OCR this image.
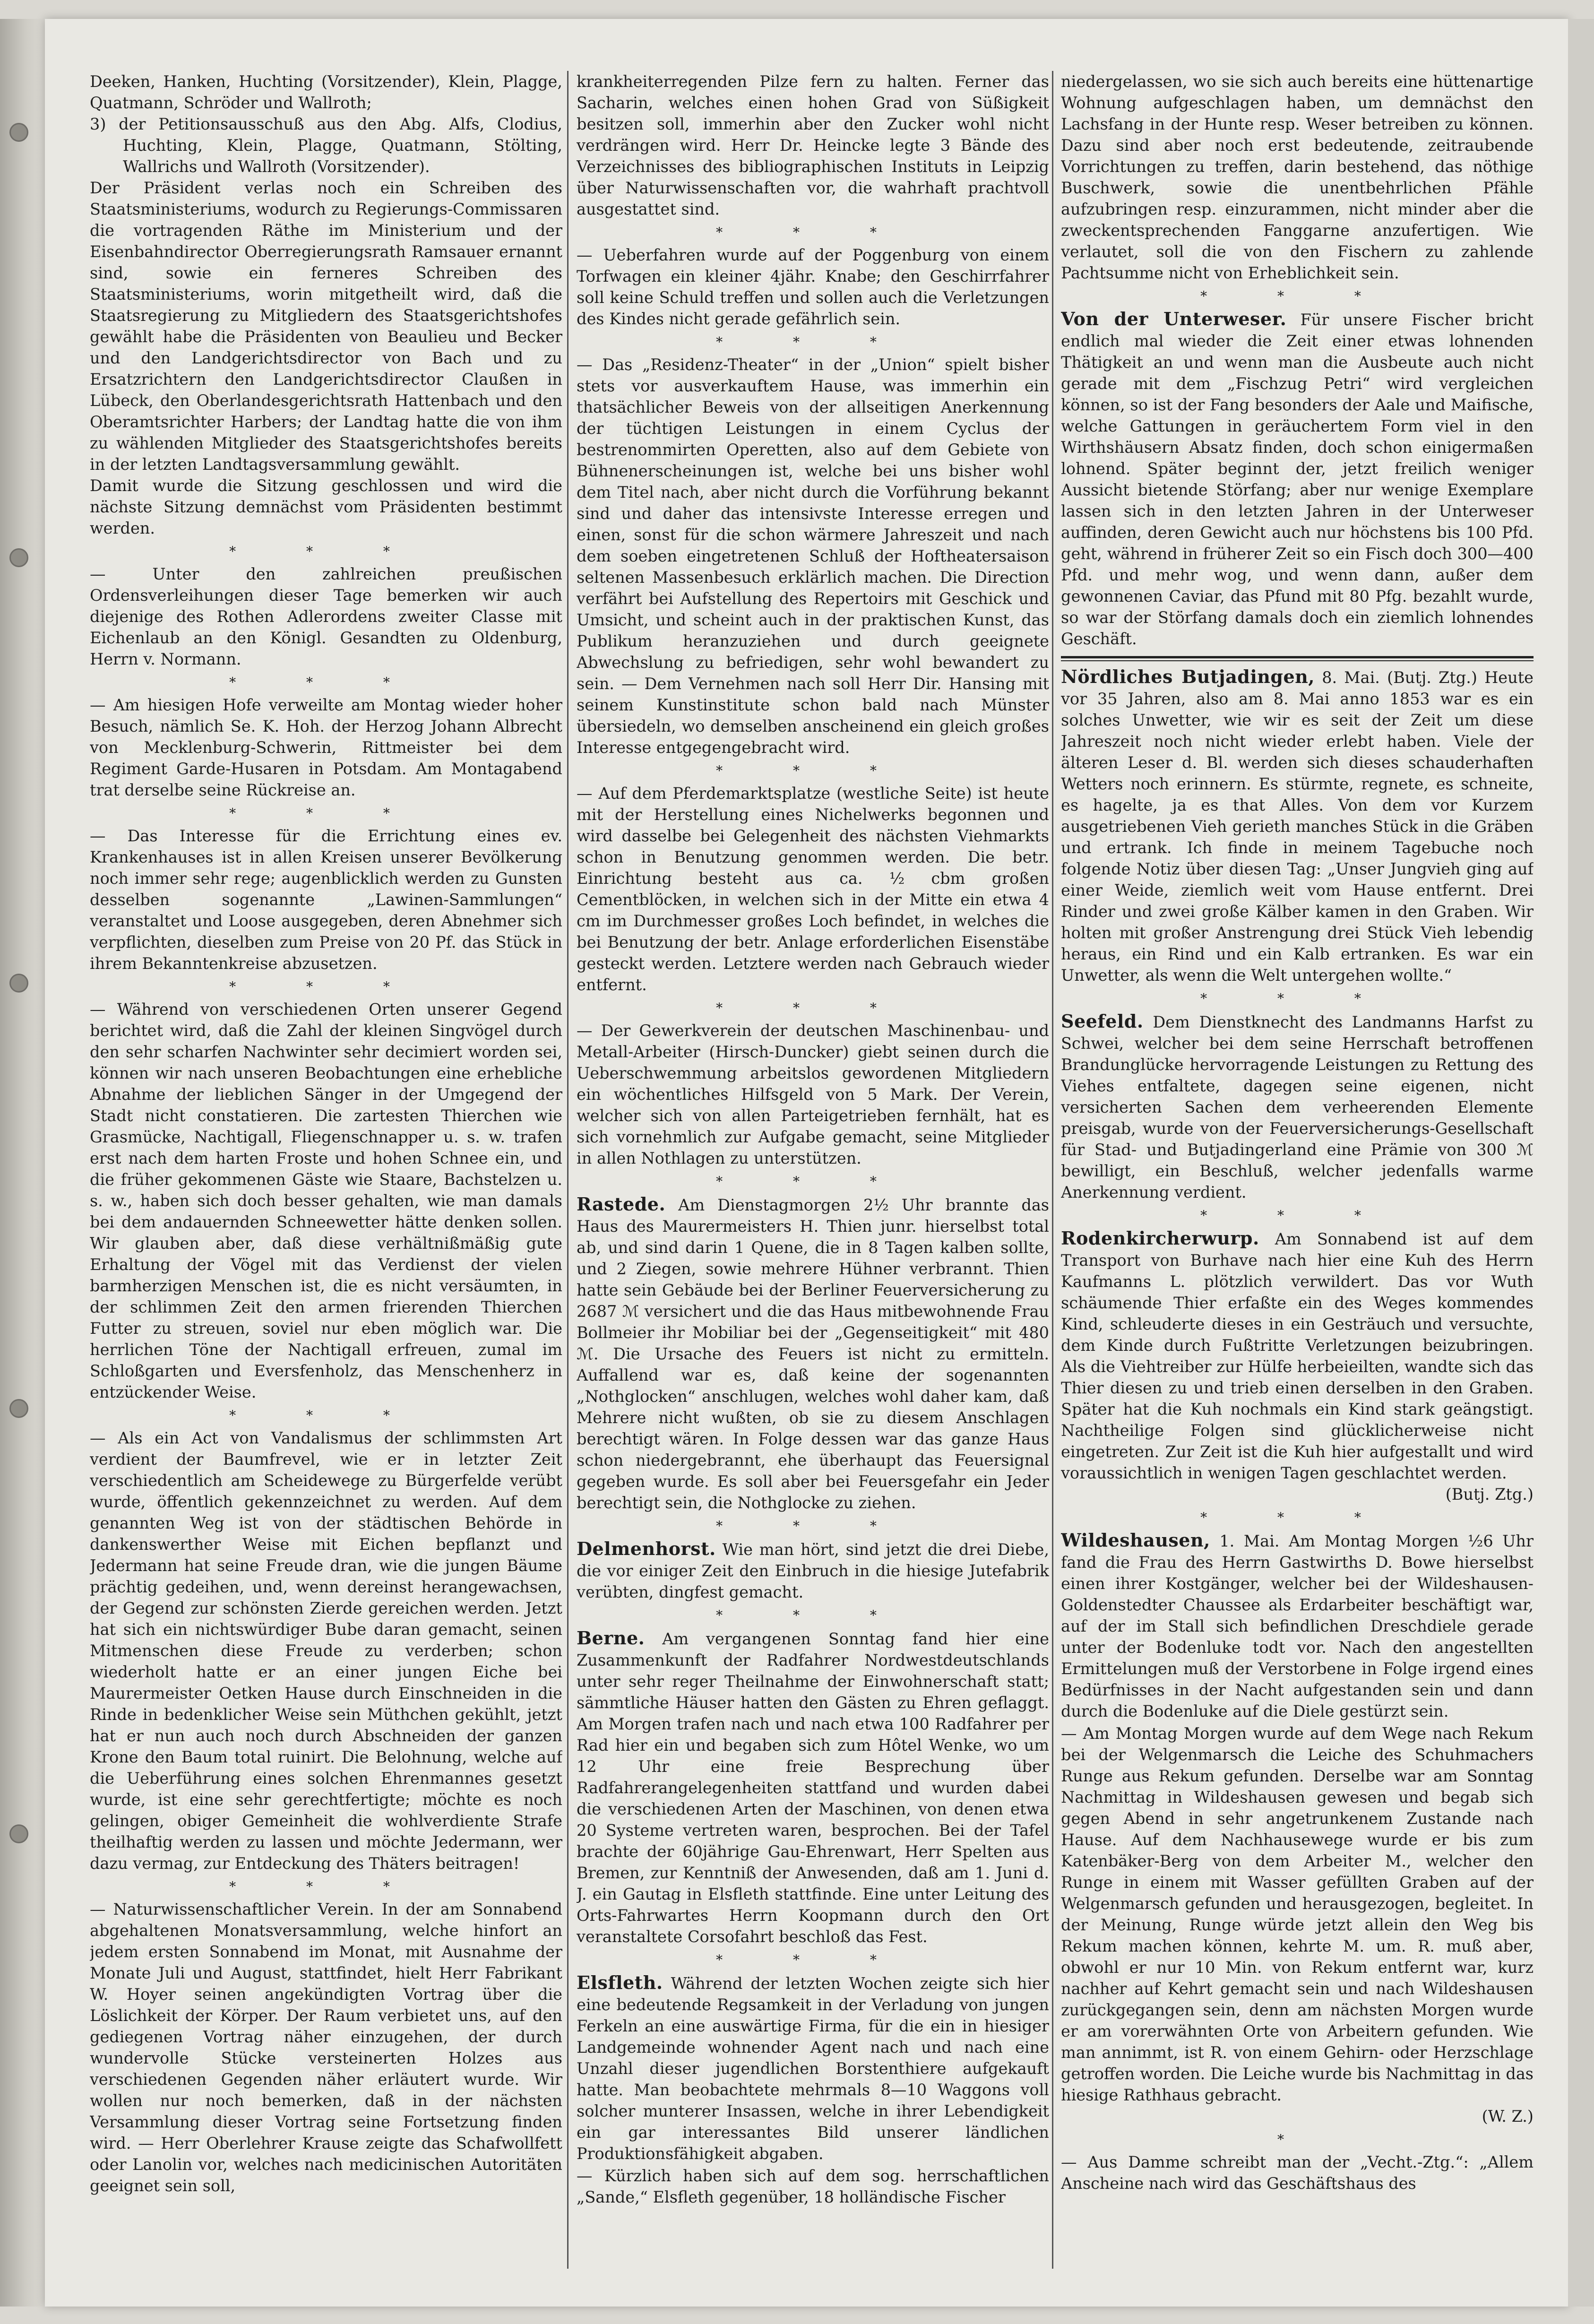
Deeken, Hanken, Huchting (Vorsitzender), Klein, Plagge, Quatmann, Schröder und Wallroth;

3) der Petitionsausschuß aus den Abg. Alfs, Clodius, Huchting, Klein, Plagge, Quatmann, Stölting, Wallrichs und Wallroth (Vorsitzender).

Der Präsident verlas noch ein Schreiben des Staatsministeriums, wodurch zu Regierungs-Commissaren die vortragenden Räthe im Ministerium und der Eisenbahndirector Oberregierungsrath Ramsauer ernannt sind, sowie ein ferneres Schreiben des Staatsministeriums, worin mitgetheilt wird, daß die Staatsregierung zu Mitgliedern des Staatsgerichtshofes gewählt habe die Präsidenten von Beaulieu und Becker und den Landgerichtsdirector von Bach und zu Ersatzrichtern den Landgerichtsdirector Claußen in Lübeck, den Oberlandesgerichtsrath Hattenbach und den Oberamtsrichter Harbers; der Landtag hatte die von ihm zu wählenden Mitglieder des Staatsgerichtshofes bereits in der letzten Landtagsversammlung gewählt.

Damit wurde die Sitzung geschlossen und wird die nächste Sitzung demnächst vom Präsidenten bestimmt werden.

* * *

— Unter den zahlreichen preußischen Ordensverleihungen dieser Tage bemerken wir auch diejenige des Rothen Adlerordens zweiter Classe mit Eichenlaub an den Königl. Gesandten zu Oldenburg, Herrn v. Normann.

* * *

— Am hiesigen Hofe verweilte am Montag wieder hoher Besuch, nämlich Se. K. Hoh. der Herzog Johann Albrecht von Mecklenburg-Schwerin, Rittmeister bei dem Regiment Garde-Husaren in Potsdam. Am Montagabend trat derselbe seine Rückreise an.

* * *

— Das Interesse für die Errichtung eines ev. Krankenhauses ist in allen Kreisen unserer Bevölkerung noch immer sehr rege; augenblicklich werden zu Gunsten desselben sogenannte „Lawinen-Sammlungen“ veranstaltet und Loose ausgegeben, deren Abnehmer sich verpflichten, dieselben zum Preise von 20 Pf. das Stück in ihrem Bekanntenkreise abzusetzen.

* * *

— Während von verschiedenen Orten unserer Gegend berichtet wird, daß die Zahl der kleinen Singvögel durch den sehr scharfen Nachwinter sehr decimiert worden sei, können wir nach unseren Beobachtungen eine erhebliche Abnahme der lieblichen Sänger in der Umgegend der Stadt nicht constatieren. Die zartesten Thierchen wie Grasmücke, Nachtigall, Fliegenschnapper u. s. w. trafen erst nach dem harten Froste und hohen Schnee ein, und die früher gekommenen Gäste wie Staare, Bachstelzen u. s. w., haben sich doch besser gehalten, wie man damals bei dem andauernden Schneewetter hätte denken sollen. Wir glauben aber, daß diese verhältnißmäßig gute Erhaltung der Vögel mit das Verdienst der vielen barmherzigen Menschen ist, die es nicht versäumten, in der schlimmen Zeit den armen frierenden Thierchen Futter zu streuen, soviel nur eben möglich war. Die herrlichen Töne der Nachtigall erfreuen, zumal im Schloßgarten und Eversfenholz, das Menschenherz in entzückender Weise.

* * *

— Als ein Act von Vandalismus der schlimmsten Art verdient der Baumfrevel, wie er in letzter Zeit verschiedentlich am Scheidewege zu Bürgerfelde verübt wurde, öffentlich gekennzeichnet zu werden. Auf dem genannten Weg ist von der städtischen Behörde in dankenswerther Weise mit Eichen bepflanzt und Jedermann hat seine Freude dran, wie die jungen Bäume prächtig gedeihen, und, wenn dereinst herangewachsen, der Gegend zur schönsten Zierde gereichen werden. Jetzt hat sich ein nichtswürdiger Bube daran gemacht, seinen Mitmenschen diese Freude zu verderben; schon wiederholt hatte er an einer jungen Eiche bei Maurermeister Oetken Hause durch Einschneiden in die Rinde in bedenklicher Weise sein Müthchen gekühlt, jetzt hat er nun auch noch durch Abschneiden der ganzen Krone den Baum total ruinirt. Die Belohnung, welche auf die Ueberführung eines solchen Ehrenmannes gesetzt wurde, ist eine sehr gerechtfertigte; möchte es noch gelingen, obiger Gemeinheit die wohlverdiente Strafe theilhaftig werden zu lassen und möchte Jedermann, wer dazu vermag, zur Entdeckung des Thäters beitragen!

* * *

— Naturwissenschaftlicher Verein. In der am Sonnabend abgehaltenen Monatsversammlung, welche hinfort an jedem ersten Sonnabend im Monat, mit Ausnahme der Monate Juli und August, stattfindet, hielt Herr Fabrikant W. Hoyer seinen angekündigten Vortrag über die Löslichkeit der Körper. Der Raum verbietet uns, auf den gediegenen Vortrag näher einzugehen, der durch wundervolle Stücke versteinerten Holzes aus verschiedenen Gegenden näher erläutert wurde. Wir wollen nur noch bemerken, daß in der nächsten Versammlung dieser Vortrag seine Fortsetzung finden wird. — Herr Oberlehrer Krause zeigte das Schafwollfett oder Lanolin vor, welches nach medicinischen Autoritäten geeignet sein soll,

krankheiterregenden Pilze fern zu halten. Ferner das Sacharin, welches einen hohen Grad von Süßigkeit besitzen soll, immerhin aber den Zucker wohl nicht verdrängen wird. Herr Dr. Heincke legte 3 Bände des Verzeichnisses des bibliographischen Instituts in Leipzig über Naturwissenschaften vor, die wahrhaft prachtvoll ausgestattet sind.

* * *

— Ueberfahren wurde auf der Poggenburg von einem Torfwagen ein kleiner 4jähr. Knabe; den Geschirrfahrer soll keine Schuld treffen und sollen auch die Verletzungen des Kindes nicht gerade gefährlich sein.

* * *

— Das „Residenz-Theater“ in der „Union“ spielt bisher stets vor ausverkauftem Hause, was immerhin ein thatsächlicher Beweis von der allseitigen Anerkennung der tüchtigen Leistungen in einem Cyclus der bestrenommirten Operetten, also auf dem Gebiete von Bühnenerscheinungen ist, welche bei uns bisher wohl dem Titel nach, aber nicht durch die Vorführung bekannt sind und daher das intensivste Interesse erregen und einen, sonst für die schon wärmere Jahreszeit und nach dem soeben eingetretenen Schluß der Hoftheatersaison seltenen Massenbesuch erklärlich machen. Die Direction verfährt bei Aufstellung des Repertoirs mit Geschick und Umsicht, und scheint auch in der praktischen Kunst, das Publikum heranzuziehen und durch geeignete Abwechslung zu befriedigen, sehr wohl bewandert zu sein. — Dem Vernehmen nach soll Herr Dir. Hansing mit seinem Kunstinstitute schon bald nach Münster übersiedeln, wo demselben anscheinend ein gleich großes Interesse entgegengebracht wird.

* * *

— Auf dem Pferdemarktsplatze (westliche Seite) ist heute mit der Herstellung eines Nichelwerks begonnen und wird dasselbe bei Gelegenheit des nächsten Viehmarkts schon in Benutzung genommen werden. Die betr. Einrichtung besteht aus ca. ½ cbm großen Cementblöcken, in welchen sich in der Mitte ein etwa 4 cm im Durchmesser großes Loch befindet, in welches die bei Benutzung der betr. Anlage erforderlichen Eisenstäbe gesteckt werden. Letztere werden nach Gebrauch wieder entfernt.

* * *

— Der Gewerkverein der deutschen Maschinenbau- und Metall-Arbeiter (Hirsch-Duncker) giebt seinen durch die Ueberschwemmung arbeitslos gewordenen Mitgliedern ein wöchentliches Hilfsgeld von 5 Mark. Der Verein, welcher sich von allen Parteigetrieben fernhält, hat es sich vornehmlich zur Aufgabe gemacht, seine Mitglieder in allen Nothlagen zu unterstützen.

* * *

Rastede. Am Dienstagmorgen 2½ Uhr brannte das Haus des Maurermeisters H. Thien junr. hierselbst total ab, und sind darin 1 Quene, die in 8 Tagen kalben sollte, und 2 Ziegen, sowie mehrere Hühner verbrannt. Thien hatte sein Gebäude bei der Berliner Feuerversicherung zu 2687 ℳ versichert und die das Haus mitbewohnende Frau Bollmeier ihr Mobiliar bei der „Gegenseitigkeit“ mit 480 ℳ. Die Ursache des Feuers ist nicht zu ermitteln. Auffallend war es, daß keine der sogenannten „Nothglocken“ anschlugen, welches wohl daher kam, daß Mehrere nicht wußten, ob sie zu diesem Anschlagen berechtigt wären. In Folge dessen war das ganze Haus schon niedergebrannt, ehe überhaupt das Feuersignal gegeben wurde. Es soll aber bei Feuersgefahr ein Jeder berechtigt sein, die Nothglocke zu ziehen.

* * *

Delmenhorst. Wie man hört, sind jetzt die drei Diebe, die vor einiger Zeit den Einbruch in die hiesige Jutefabrik verübten, dingfest gemacht.

* * *

Berne. Am vergangenen Sonntag fand hier eine Zusammenkunft der Radfahrer Nordwestdeutschlands unter sehr reger Theilnahme der Einwohnerschaft statt; sämmtliche Häuser hatten den Gästen zu Ehren geflaggt. Am Morgen trafen nach und nach etwa 100 Radfahrer per Rad hier ein und begaben sich zum Hôtel Wenke, wo um 12 Uhr eine freie Besprechung über Radfahrerangelegenheiten stattfand und wurden dabei die verschiedenen Arten der Maschinen, von denen etwa 20 Systeme vertreten waren, besprochen. Bei der Tafel brachte der 60jährige Gau-Ehrenwart, Herr Spelten aus Bremen, zur Kenntniß der Anwesenden, daß am 1. Juni d. J. ein Gautag in Elsfleth stattfinde. Eine unter Leitung des Orts-Fahrwartes Herrn Koopmann durch den Ort veranstaltete Corsofahrt beschloß das Fest.

* * *

Elsfleth. Während der letzten Wochen zeigte sich hier eine bedeutende Regsamkeit in der Verladung von jungen Ferkeln an eine auswärtige Firma, für die ein in hiesiger Landgemeinde wohnender Agent nach und nach eine Unzahl dieser jugendlichen Borstenthiere aufgekauft hatte. Man beobachtete mehrmals 8—10 Waggons voll solcher munterer Insassen, welche in ihrer Lebendigkeit ein gar interessantes Bild unserer ländlichen Produktionsfähigkeit abgaben.

— Kürzlich haben sich auf dem sog. herrschaftlichen „Sande,“ Elsfleth gegenüber, 18 holländische Fischer

niedergelassen, wo sie sich auch bereits eine hüttenartige Wohnung aufgeschlagen haben, um demnächst den Lachsfang in der Hunte resp. Weser betreiben zu können. Dazu sind aber noch erst bedeutende, zeitraubende Vorrichtungen zu treffen, darin bestehend, das nöthige Buschwerk, sowie die unentbehrlichen Pfähle aufzubringen resp. einzurammen, nicht minder aber die zweckentsprechenden Fanggarne anzufertigen. Wie verlautet, soll die von den Fischern zu zahlende Pachtsumme nicht von Erheblichkeit sein.

* * *

Von der Unterweser. Für unsere Fischer bricht endlich mal wieder die Zeit einer etwas lohnenden Thätigkeit an und wenn man die Ausbeute auch nicht gerade mit dem „Fischzug Petri“ wird vergleichen können, so ist der Fang besonders der Aale und Maifische, welche Gattungen in geräuchertem Form viel in den Wirthshäusern Absatz finden, doch schon einigermaßen lohnend. Später beginnt der, jetzt freilich weniger Aussicht bietende Störfang; aber nur wenige Exemplare lassen sich in den letzten Jahren in der Unterweser auffinden, deren Gewicht auch nur höchstens bis 100 Pfd. geht, während in früherer Zeit so ein Fisch doch 300—400 Pfd. und mehr wog, und wenn dann, außer dem gewonnenen Caviar, das Pfund mit 80 Pfg. bezahlt wurde, so war der Störfang damals doch ein ziemlich lohnendes Geschäft.

Nördliches Butjadingen, 8. Mai. (Butj. Ztg.) Heute vor 35 Jahren, also am 8. Mai anno 1853 war es ein solches Unwetter, wie wir es seit der Zeit um diese Jahreszeit noch nicht wieder erlebt haben. Viele der älteren Leser d. Bl. werden sich dieses schauderhaften Wetters noch erinnern. Es stürmte, regnete, es schneite, es hagelte, ja es that Alles. Von dem vor Kurzem ausgetriebenen Vieh gerieth manches Stück in die Gräben und ertrank. Ich finde in meinem Tagebuche noch folgende Notiz über diesen Tag: „Unser Jungvieh ging auf einer Weide, ziemlich weit vom Hause entfernt. Drei Rinder und zwei große Kälber kamen in den Graben. Wir holten mit großer Anstrengung drei Stück Vieh lebendig heraus, ein Rind und ein Kalb ertranken. Es war ein Unwetter, als wenn die Welt untergehen wollte.“

* * *

Seefeld. Dem Dienstknecht des Landmanns Harfst zu Schwei, welcher bei dem seine Herrschaft betroffenen Brandunglücke hervorragende Leistungen zu Rettung des Viehes entfaltete, dagegen seine eigenen, nicht versicherten Sachen dem verheerenden Elemente preisgab, wurde von der Feuerversicherungs-Gesellschaft für Stad- und Butjadingerland eine Prämie von 300 ℳ bewilligt, ein Beschluß, welcher jedenfalls warme Anerkennung verdient.

* * *

Rodenkircherwurp. Am Sonnabend ist auf dem Transport von Burhave nach hier eine Kuh des Herrn Kaufmanns L. plötzlich verwildert. Das vor Wuth schäumende Thier erfaßte ein des Weges kommendes Kind, schleuderte dieses in ein Gesträuch und versuchte, dem Kinde durch Fußtritte Verletzungen beizubringen. Als die Viehtreiber zur Hülfe herbeieilten, wandte sich das Thier diesen zu und trieb einen derselben in den Graben. Später hat die Kuh nochmals ein Kind stark geängstigt. Nachtheilige Folgen sind glücklicherweise nicht eingetreten. Zur Zeit ist die Kuh hier aufgestallt und wird voraussichtlich in wenigen Tagen geschlachtet werden.

(Butj. Ztg.)

* * *

Wildeshausen, 1. Mai. Am Montag Morgen ½6 Uhr fand die Frau des Herrn Gastwirths D. Bowe hierselbst einen ihrer Kostgänger, welcher bei der Wildeshausen-Goldenstedter Chaussee als Erdarbeiter beschäftigt war, auf der im Stall sich befindlichen Dreschdiele gerade unter der Bodenluke todt vor. Nach den angestellten Ermittelungen muß der Verstorbene in Folge irgend eines Bedürfnisses in der Nacht aufgestanden sein und dann durch die Bodenluke auf die Diele gestürzt sein.

— Am Montag Morgen wurde auf dem Wege nach Rekum bei der Welgenmarsch die Leiche des Schuhmachers Runge aus Rekum gefunden. Derselbe war am Sonntag Nachmittag in Wildeshausen gewesen und begab sich gegen Abend in sehr angetrunkenem Zustande nach Hause. Auf dem Nachhausewege wurde er bis zum Katenbäker-Berg von dem Arbeiter M., welcher den Runge in einem mit Wasser gefüllten Graben auf der Welgenmarsch gefunden und herausgezogen, begleitet. In der Meinung, Runge würde jetzt allein den Weg bis Rekum machen können, kehrte M. um. R. muß aber, obwohl er nur 10 Min. von Rekum entfernt war, kurz nachher auf Kehrt gemacht sein und nach Wildeshausen zurückgegangen sein, denn am nächsten Morgen wurde er am vorerwähnten Orte von Arbeitern gefunden. Wie man annimmt, ist R. von einem Gehirn- oder Herzschlage getroffen worden. Die Leiche wurde bis Nachmittag in das hiesige Rathhaus gebracht.

(W. Z.)

*

— Aus Damme schreibt man der „Vecht.-Ztg.“: „Allem Anscheine nach wird das Geschäftshaus des
